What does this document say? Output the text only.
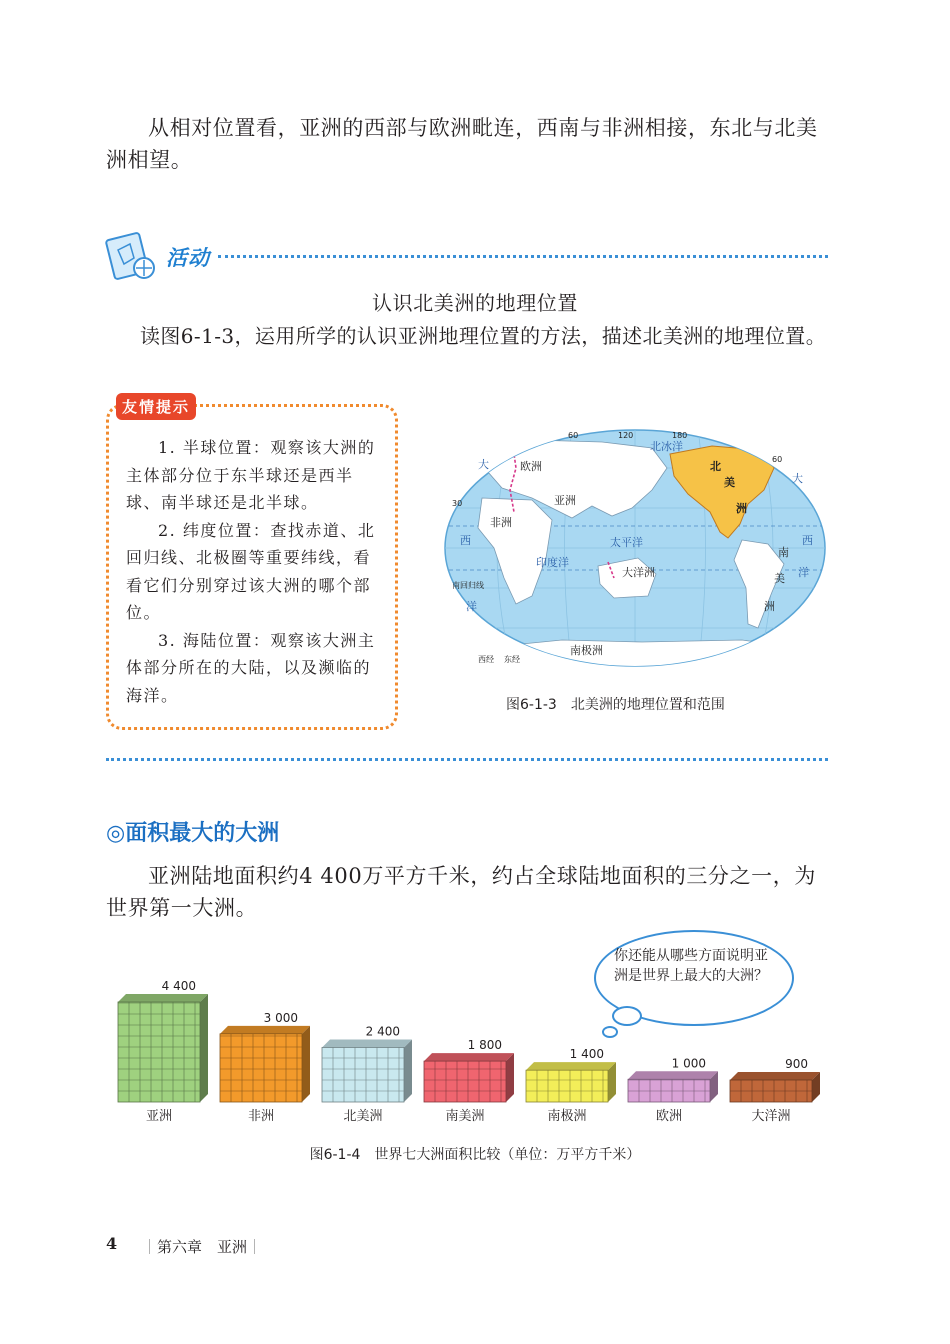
从相对位置看，亚洲的西部与欧洲毗连，西南与非洲相接，东北与北美洲相望。
活动
认识北美洲的地理位置
读图6-1-3，运用所学的认识亚洲地理位置的方法，描述北美洲的地理位置。
友情提示
1. 半球位置：观察该大洲的主体部分位于东半球还是西半球、南半球还是北半球。
2. 纬度位置：查找赤道、北回归线、北极圈等重要纬线，看看它们分别穿过该大洲的哪个部位。
3. 海陆位置：观察该大洲主体部分所在的大陆，以及濒临的海洋。
欧洲
亚洲
非洲
印度洋
太平洋
大洋洲
北冰洋
北
美
洲
南
美
洲
南极洲
大
西
洋
大
西
洋
南回归线
西经 东经
30
60	120	180
60
图6-1-3　北美洲的地理位置和范围
◎面积最大的大洲
亚洲陆地面积约4 400万平方千米，约占全球陆地面积的三分之一，为世界第一大洲。
你还能从哪些方面说明亚洲是世界上最大的大洲？
4 400
亚洲
3 000
非洲
2 400
北美洲
1 800
南美洲
1 400
南极洲
1 000
欧洲
900
大洋洲
图6-1-4　世界七大洲面积比较（单位：万平方千米）
4 ｜第六章　亚洲｜
